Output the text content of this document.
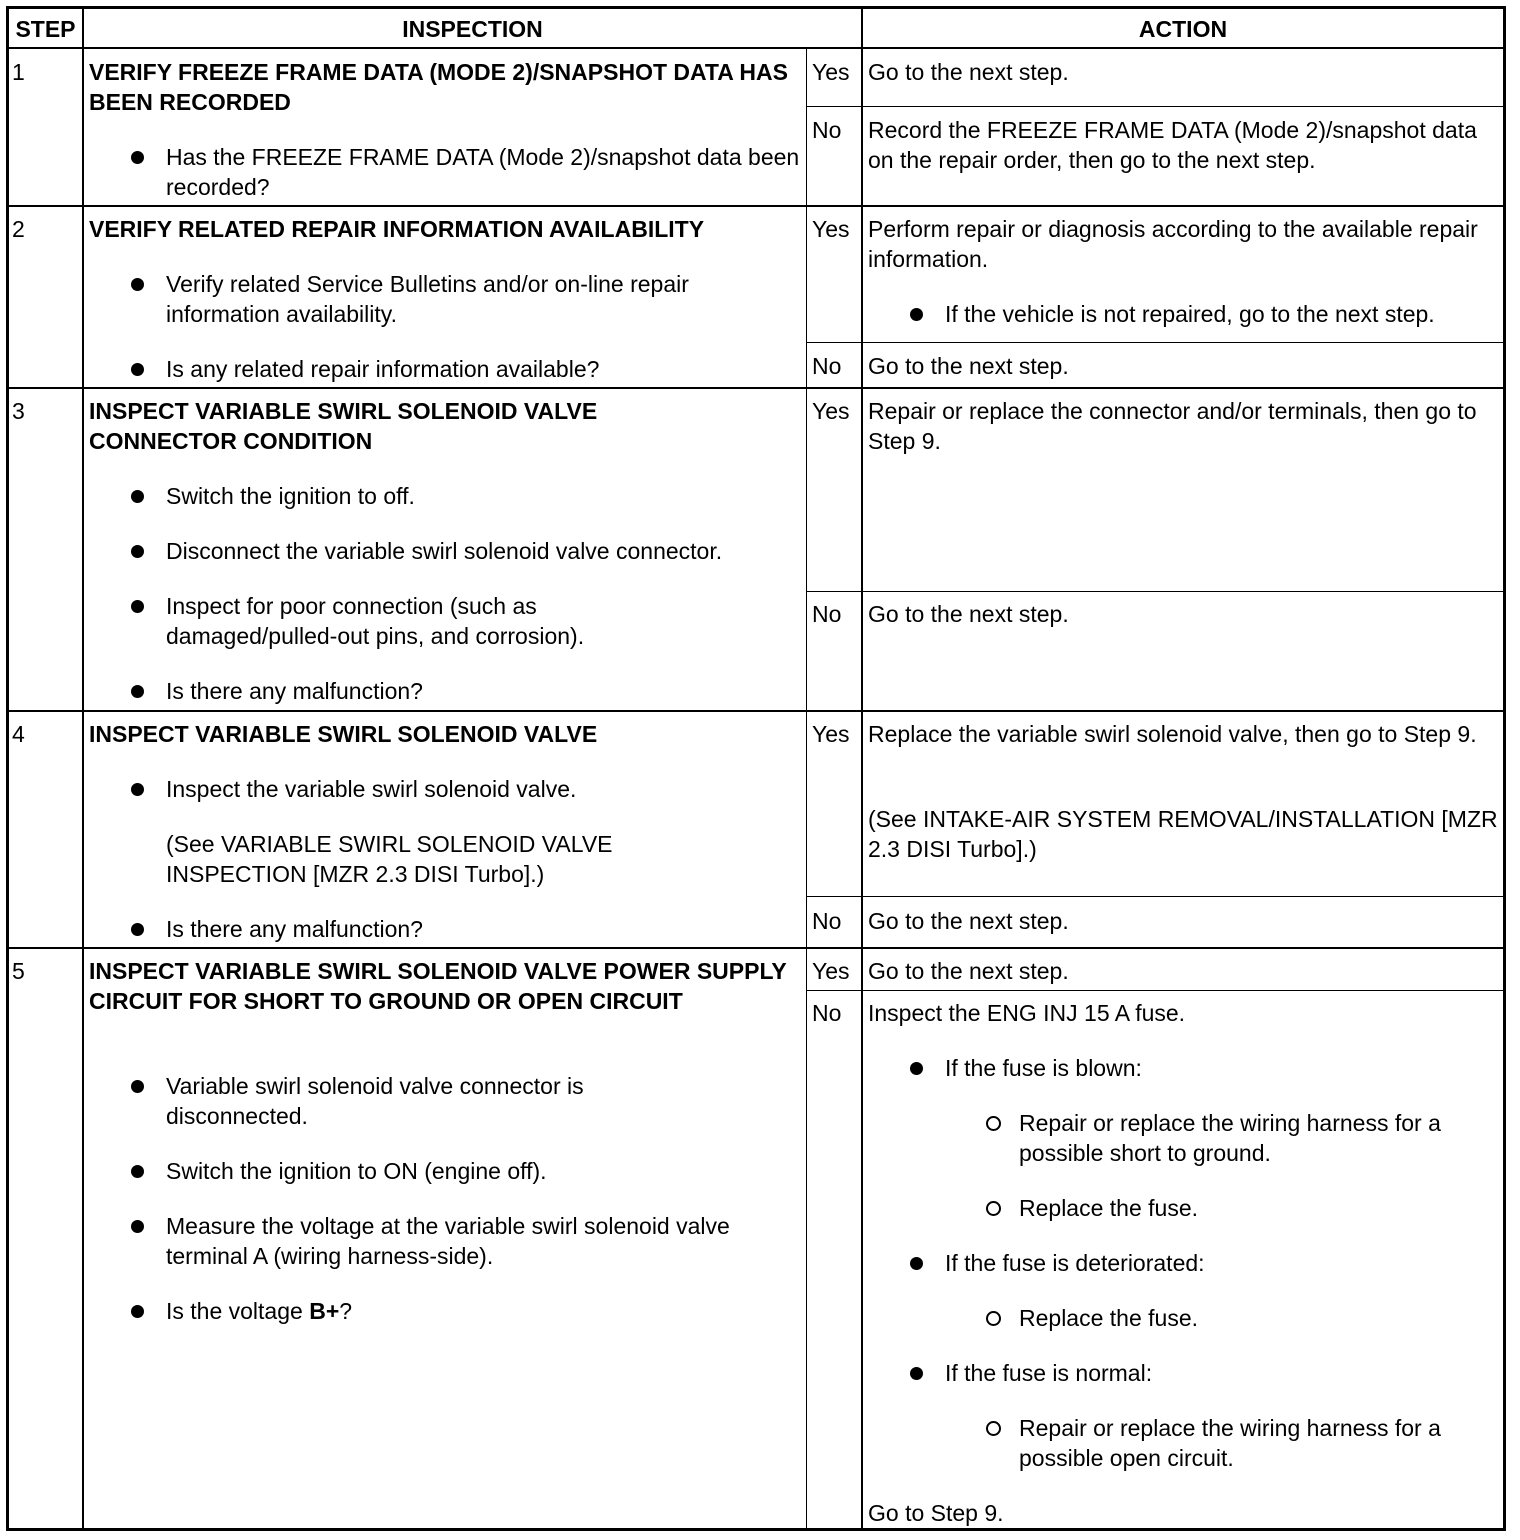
STEP	INSPECTION	ACTION
1	VERIFY FREEZE FRAME DATA (MODE 2)/SNAPSHOT DATA HAS BEEN RECORDED
Has the FREEZE FRAME DATA (Mode 2)/snapshot data been recorded?
Yes Go to the next step.
No Record the FREEZE FRAME DATA (Mode 2)/snapshot data on the repair order, then go to the next step.
2	VERIFY RELATED REPAIR INFORMATION AVAILABILITY
Verify related Service Bulletins and/or on-line repair information availability.
Is any related repair information available?
Yes Perform repair or diagnosis according to the available repair information.
If the vehicle is not repaired, go to the next step.
No Go to the next step.
3	INSPECT VARIABLE SWIRL SOLENOID VALVE CONNECTOR CONDITION
Switch the ignition to off.
Disconnect the variable swirl solenoid valve connector.
Inspect for poor connection (such as damaged/pulled-out pins, and corrosion).
Is there any malfunction?
Yes Repair or replace the connector and/or terminals, then go to Step 9.
No Go to the next step.
4	INSPECT VARIABLE SWIRL SOLENOID VALVE
Inspect the variable swirl solenoid valve.
(See VARIABLE SWIRL SOLENOID VALVE INSPECTION [MZR 2.3 DISI Turbo].)
Is there any malfunction?
Yes Replace the variable swirl solenoid valve, then go to Step 9.
(See INTAKE-AIR SYSTEM REMOVAL/INSTALLATION [MZR 2.3 DISI Turbo].)
No Go to the next step.
5	INSPECT VARIABLE SWIRL SOLENOID VALVE POWER SUPPLY CIRCUIT FOR SHORT TO GROUND OR OPEN CIRCUIT
Variable swirl solenoid valve connector is disconnected.
Switch the ignition to ON (engine off).
Measure the voltage at the variable swirl solenoid valve terminal A (wiring harness-side).
Is the voltage B+?
Yes Go to the next step.
No Inspect the ENG INJ 15 A fuse.
If the fuse is blown:
Repair or replace the wiring harness for a possible short to ground.
Replace the fuse.
If the fuse is deteriorated:
Replace the fuse.
If the fuse is normal:
Repair or replace the wiring harness for a possible open circuit.
Go to Step 9.
